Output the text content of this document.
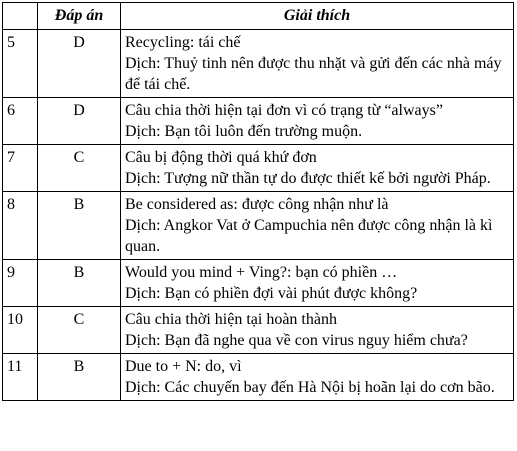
	Đáp án	Giải thích
5	D	Recycling: tái chế
Dịch: Thuỷ tinh nên được thu nhặt và gửi đến các nhà máy để tái chế.

6	D	Câu chia thời hiện tại đơn vì có trạng từ “always”
Dịch: Bạn tôi luôn đến trường muộn.

7	C	Câu bị động thời quá khứ đơn
Dịch: Tượng nữ thần tự do được thiết kế bởi người Pháp.

8	B	Be considered as: được công nhận như là
Dịch: Angkor Vat ở Campuchia nên được công nhận là kì quan.

9	B	Would you mind + Ving?: bạn có phiền …
Dịch: Bạn có phiền đợi vài phút được không?

10	C	Câu chia thời hiện tại hoàn thành
Dịch: Bạn đã nghe qua về con virus nguy hiểm chưa?

11	B	Due to + N: do, vì
Dịch: Các chuyến bay đến Hà Nội bị hoãn lại do cơn bão.
